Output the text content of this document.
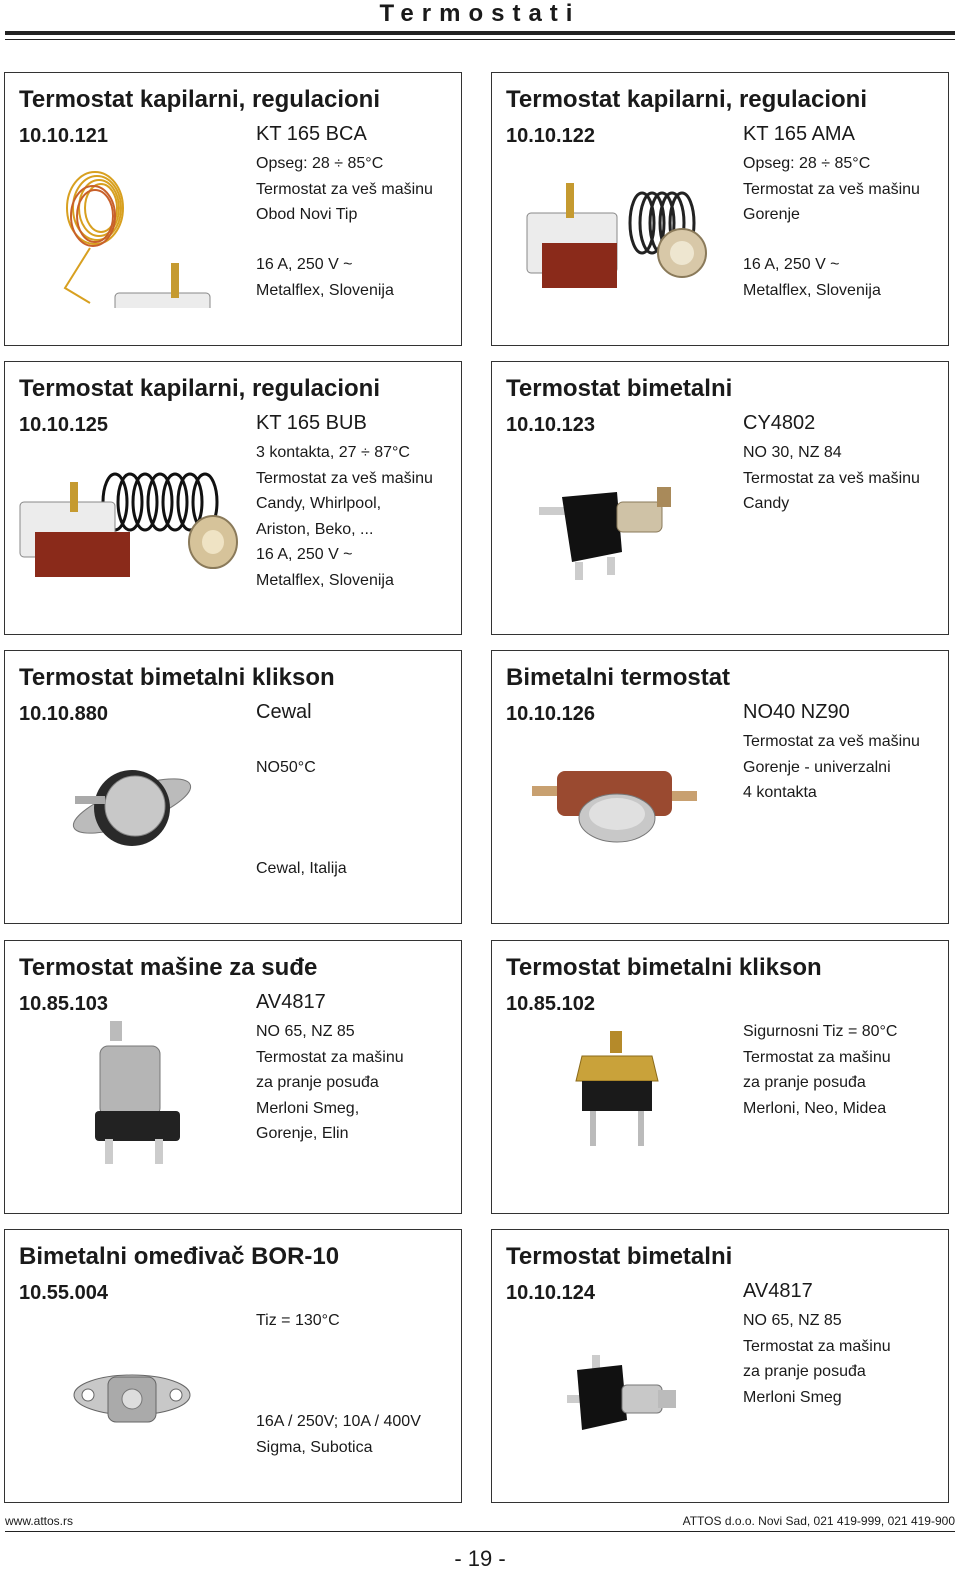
Termostati
Termostat kapilarni, regulacioni
10.10.121	KT 165 BCA
Opseg: 28 ÷ 85°C
Termostat za veš mašinu
Obod Novi Tip
16 A, 250 V ~
Metalflex, Slovenija
Termostat kapilarni, regulacioni
10.10.122	KT 165 AMA
Opseg: 28 ÷ 85°C
Termostat za veš mašinu
Gorenje
16 A, 250 V ~
Metalflex, Slovenija
Termostat kapilarni, regulacioni
10.10.125	KT 165 BUB
3 kontakta, 27 ÷ 87°C
Termostat za veš mašinu
Candy, Whirlpool,
Ariston, Beko, ...
16 A, 250 V ~
Metalflex, Slovenija
Termostat bimetalni
10.10.123	CY4802
NO 30, NZ 84
Termostat za veš mašinu
Candy
Termostat bimetalni klikson
10.10.880	Cewal

NO50°C
Cewal, Italija
Bimetalni termostat
10.10.126	NO40 NZ90
Termostat za veš mašinu
Gorenje - univerzalni
4 kontakta
Termostat mašine za suđe
10.85.103	AV4817
NO 65, NZ 85
Termostat za mašinu
za pranje posuđa
Merloni Smeg,
Gorenje, Elin
Termostat bimetalni klikson
10.85.102
Sigurnosni Tiz = 80°C
Termostat za mašinu
za pranje posuđa
Merloni, Neo, Midea
Bimetalni omeđivač BOR-10
10.55.004
Tiz = 130°C
16A / 250V; 10A / 400V
Sigma, Subotica
Termostat bimetalni
10.10.124	AV4817
NO 65, NZ 85
Termostat za mašinu
za pranje posuđa
Merloni Smeg
www.attos.rs	ATTOS d.o.o. Novi Sad, 021 419-999, 021 419-900
- 19 -
